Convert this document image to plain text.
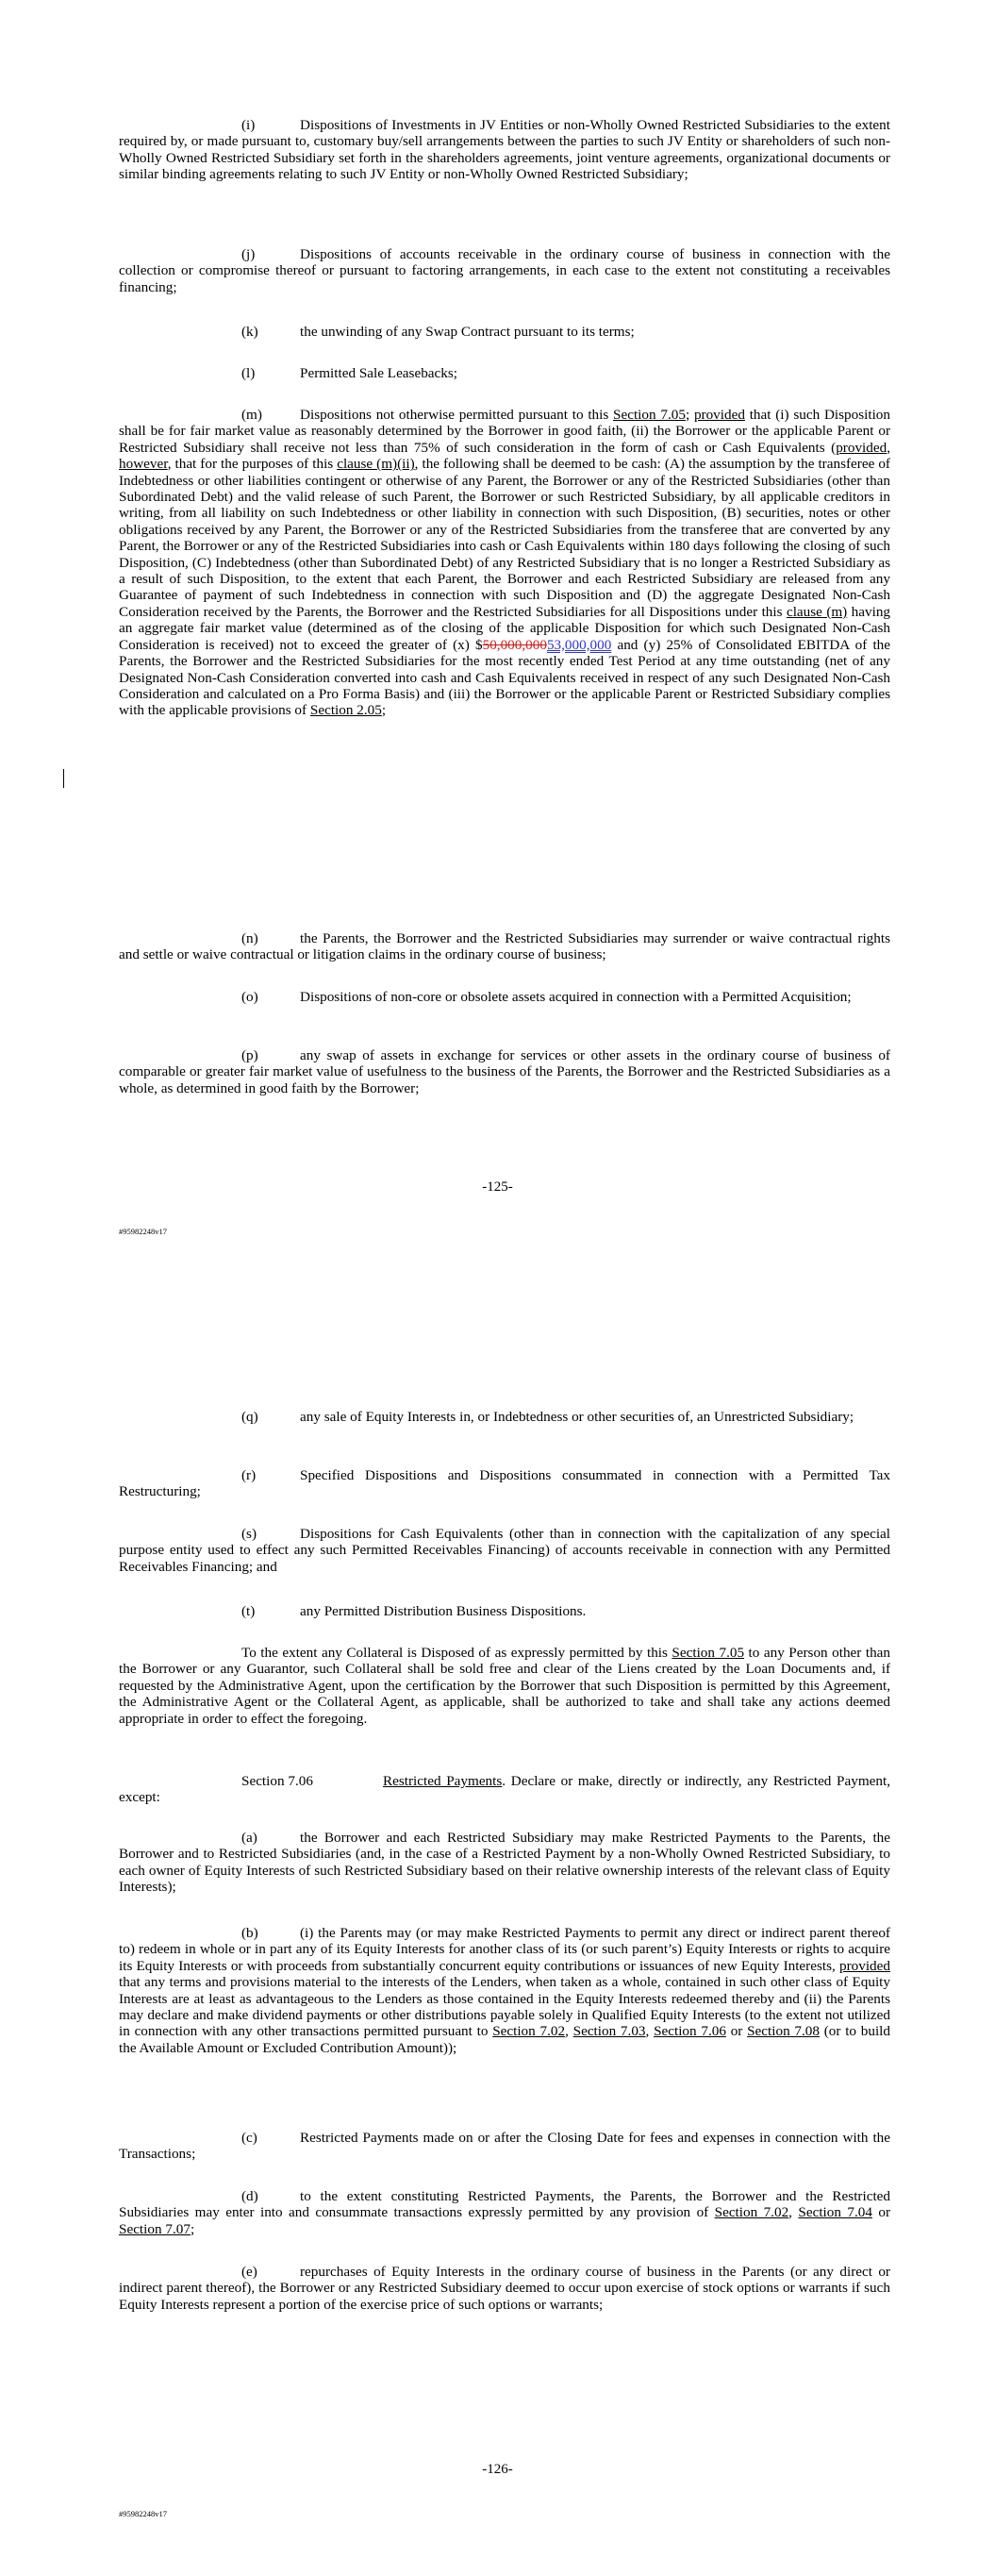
(i)	Dispositions of Investments in JV Entities or non-Wholly Owned Restricted Subsidiaries to the extent required by, or made pursuant to, customary buy/sell arrangements between the parties to such JV Entity or shareholders of such non-Wholly Owned Restricted Subsidiary set forth in the shareholders agreements, joint venture agreements, organizational documents or similar binding agreements relating to such JV Entity or non-Wholly Owned Restricted Subsidiary;

(j)	Dispositions of accounts receivable in the ordinary course of business in connection with the collection or compromise thereof or pursuant to factoring arrangements, in each case to the extent not constituting a receivables financing;

(k)	the unwinding of any Swap Contract pursuant to its terms;

(l)	Permitted Sale Leasebacks;

(m)	Dispositions not otherwise permitted pursuant to this Section 7.05; provided that (i) such Disposition shall be for fair market value as reasonably determined by the Borrower in good faith, (ii) the Borrower or the applicable Parent or Restricted Subsidiary shall receive not less than 75% of such consideration in the form of cash or Cash Equivalents (provided, however, that for the purposes of this clause (m)(ii), the following shall be deemed to be cash: (A) the assumption by the transferee of Indebtedness or other liabilities contingent or otherwise of any Parent, the Borrower or any of the Restricted Subsidiaries (other than Subordinated Debt) and the valid release of such Parent, the Borrower or such Restricted Subsidiary, by all applicable creditors in writing, from all liability on such Indebtedness or other liability in connection with such Disposition, (B) securities, notes or other obligations received by any Parent, the Borrower or any of the Restricted Subsidiaries from the transferee that are converted by any Parent, the Borrower or any of the Restricted Subsidiaries into cash or Cash Equivalents within 180 days following the closing of such Disposition, (C) Indebtedness (other than Subordinated Debt) of any Restricted Subsidiary that is no longer a Restricted Subsidiary as a result of such Disposition, to the extent that each Parent, the Borrower and each Restricted Subsidiary are released from any Guarantee of payment of such Indebtedness in connection with such Disposition and (D) the aggregate Designated Non-Cash Consideration received by the Parents, the Borrower and the Restricted Subsidiaries for all Dispositions under this clause (m) having an aggregate fair market value (determined as of the closing of the applicable Disposition for which such Designated Non-Cash Consideration is received) not to exceed the greater of (x) $50,000,00053,000,000 and (y) 25% of Consolidated EBITDA of the Parents, the Borrower and the Restricted Subsidiaries for the most recently ended Test Period at any time outstanding (net of any Designated Non-Cash Consideration converted into cash and Cash Equivalents received in respect of any such Designated Non-Cash Consideration and calculated on a Pro Forma Basis) and (iii) the Borrower or the applicable Parent or Restricted Subsidiary complies with the applicable provisions of Section 2.05;

(n)	the Parents, the Borrower and the Restricted Subsidiaries may surrender or waive contractual rights and settle or waive contractual or litigation claims in the ordinary course of business;

(o)	Dispositions of non-core or obsolete assets acquired in connection with a Permitted Acquisition;

(p)	any swap of assets in exchange for services or other assets in the ordinary course of business of comparable or greater fair market value of usefulness to the business of the Parents, the Borrower and the Restricted Subsidiaries as a whole, as determined in good faith by the Borrower;

-125-

#95982248v17

(q)	any sale of Equity Interests in, or Indebtedness or other securities of, an Unrestricted Subsidiary;

(r)	Specified Dispositions and Dispositions consummated in connection with a Permitted Tax Restructuring;

(s)	Dispositions for Cash Equivalents (other than in connection with the capitalization of any special purpose entity used to effect any such Permitted Receivables Financing) of accounts receivable in connection with any Permitted Receivables Financing; and

(t)	any Permitted Distribution Business Dispositions.

To the extent any Collateral is Disposed of as expressly permitted by this Section 7.05 to any Person other than the Borrower or any Guarantor, such Collateral shall be sold free and clear of the Liens created by the Loan Documents and, if requested by the Administrative Agent, upon the certification by the Borrower that such Disposition is permitted by this Agreement, the Administrative Agent or the Collateral Agent, as applicable, shall be authorized to take and shall take any actions deemed appropriate in order to effect the foregoing.

Section 7.06	Restricted Payments. Declare or make, directly or indirectly, any Restricted Payment, except:

(a)	the Borrower and each Restricted Subsidiary may make Restricted Payments to the Parents, the Borrower and to Restricted Subsidiaries (and, in the case of a Restricted Payment by a non-Wholly Owned Restricted Subsidiary, to each owner of Equity Interests of such Restricted Subsidiary based on their relative ownership interests of the relevant class of Equity Interests);

(b)	(i) the Parents may (or may make Restricted Payments to permit any direct or indirect parent thereof to) redeem in whole or in part any of its Equity Interests for another class of its (or such parent’s) Equity Interests or rights to acquire its Equity Interests or with proceeds from substantially concurrent equity contributions or issuances of new Equity Interests, provided that any terms and provisions material to the interests of the Lenders, when taken as a whole, contained in such other class of Equity Interests are at least as advantageous to the Lenders as those contained in the Equity Interests redeemed thereby and (ii) the Parents may declare and make dividend payments or other distributions payable solely in Qualified Equity Interests (to the extent not utilized in connection with any other transactions permitted pursuant to Section 7.02, Section 7.03, Section 7.06 or Section 7.08 (or to build the Available Amount or Excluded Contribution Amount));

(c)	Restricted Payments made on or after the Closing Date for fees and expenses in connection with the Transactions;

(d)	to the extent constituting Restricted Payments, the Parents, the Borrower and the Restricted Subsidiaries may enter into and consummate transactions expressly permitted by any provision of Section 7.02, Section 7.04 or Section 7.07;

(e)	repurchases of Equity Interests in the ordinary course of business in the Parents (or any direct or indirect parent thereof), the Borrower or any Restricted Subsidiary deemed to occur upon exercise of stock options or warrants if such Equity Interests represent a portion of the exercise price of such options or warrants;

-126-

#95982248v17
